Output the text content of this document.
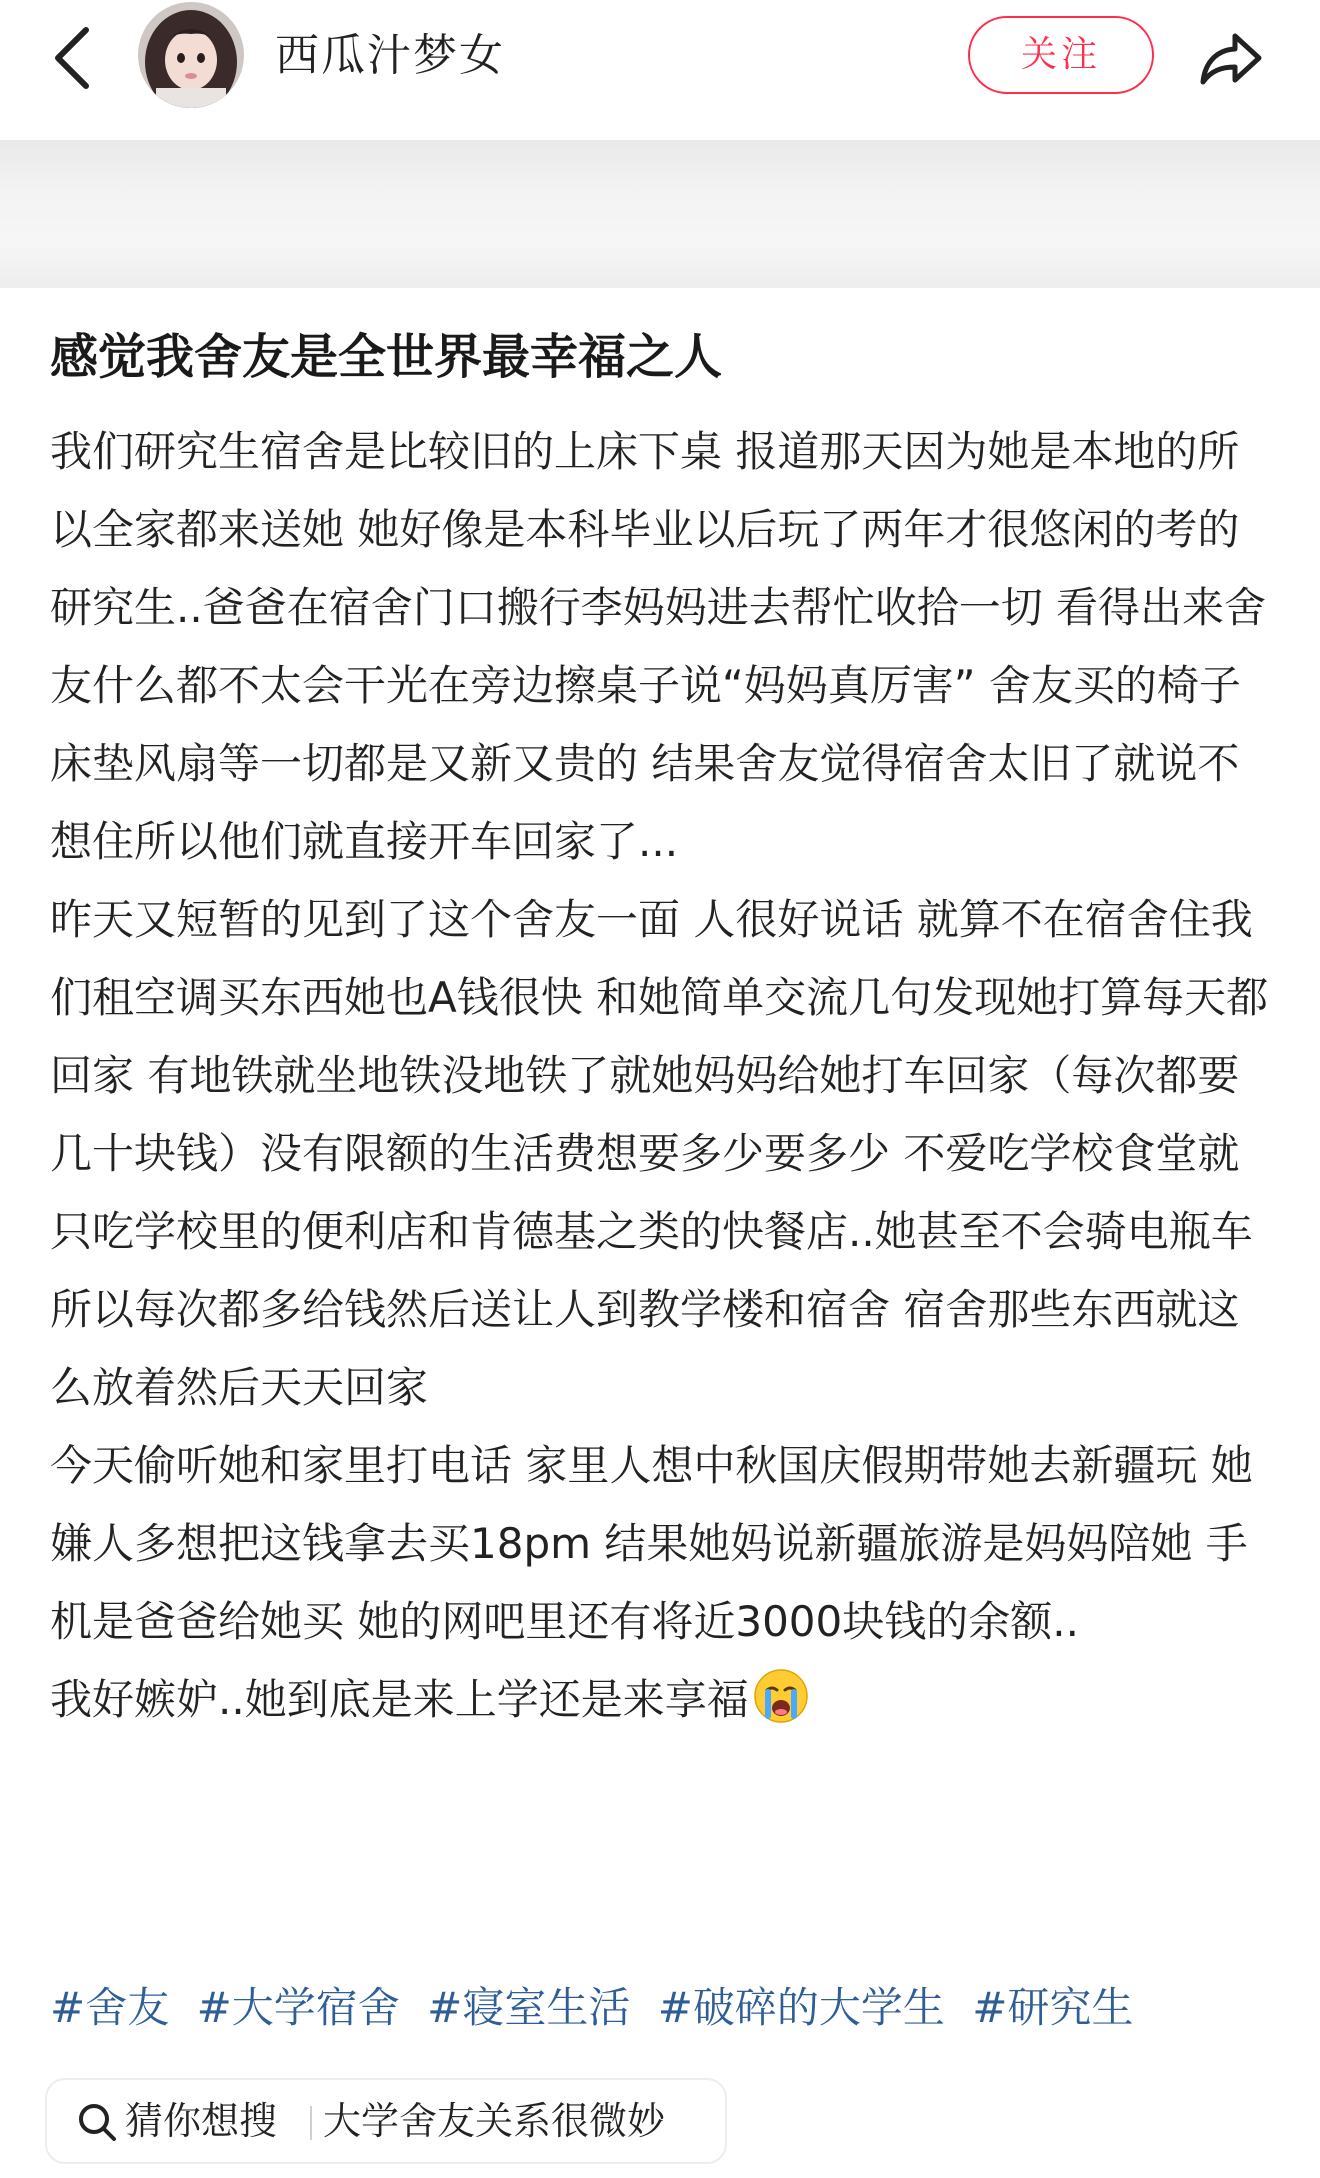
西瓜汁梦女	关注
感觉我舍友是全世界最幸福之人

我们研究生宿舍是比较旧的上床下桌 报道那天因为她是本地的所以全家都来送她 她好像是本科毕业以后玩了两年才很悠闲的考的研究生..爸爸在宿舍门口搬行李妈妈进去帮忙收拾一切 看得出来舍友什么都不太会干光在旁边擦桌子说“妈妈真厉害” 舍友买的椅子床垫风扇等一切都是又新又贵的 结果舍友觉得宿舍太旧了就说不想住所以他们就直接开车回家了...

昨天又短暂的见到了这个舍友一面 人很好说话 就算不在宿舍住我们租空调买东西她也A钱很快 和她简单交流几句发现她打算每天都回家 有地铁就坐地铁没地铁了就她妈妈给她打车回家（每次都要几十块钱）没有限额的生活费想要多少要多少 不爱吃学校食堂就只吃学校里的便利店和肯德基之类的快餐店..她甚至不会骑电瓶车所以每次都多给钱然后送让人到教学楼和宿舍 宿舍那些东西就这么放着然后天天回家

今天偷听她和家里打电话 家里人想中秋国庆假期带她去新疆玩 她嫌人多想把这钱拿去买18pm 结果她妈说新疆旅游是妈妈陪她 手机是爸爸给她买 她的网吧里还有将近3000块钱的余额..

我好嫉妒..她到底是来上学还是来享福

#舍友 #大学宿舍 #寝室生活 #破碎的大学生 #研究生
猜你想搜 大学舍友关系很微妙
